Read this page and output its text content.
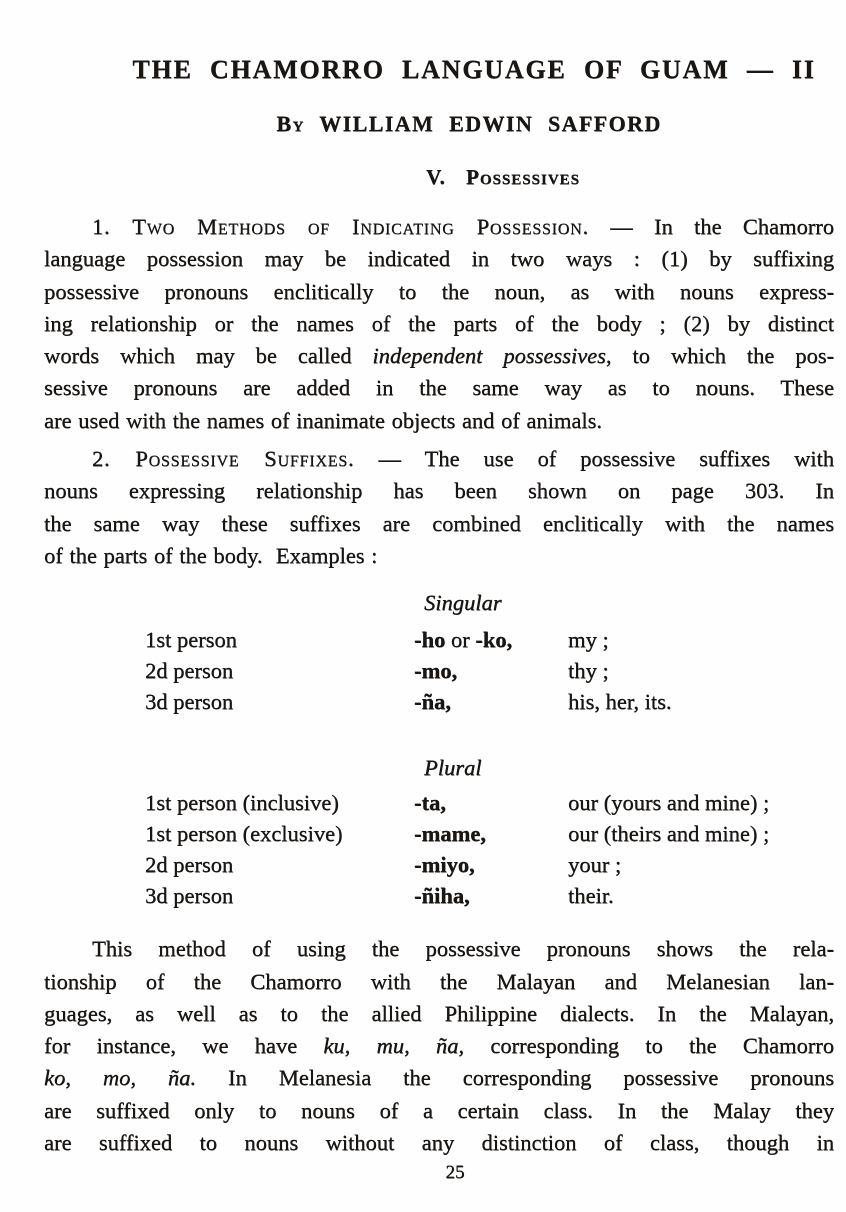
THE CHAMORRO LANGUAGE OF GUAM — II
By WILLIAM EDWIN SAFFORD
V. Possessives
1. Two Methods of Indicating Possession. — In the Chamorro
language possession may be indicated in two ways : (1) by suffixing
possessive pronouns enclitically to the noun, as with nouns express-
ing relationship or the names of the parts of the body ; (2) by distinct
words which may be called independent possessives, to which the pos-
sessive pronouns are added in the same way as to nouns. These
are used with the names of inanimate objects and of animals.
2. Possessive Suffixes. — The use of possessive suffixes with
nouns expressing relationship has been shown on page 303. In
the same way these suffixes are combined enclitically with the names
of the parts of the body.  Examples :
Singular
1st person	-ho or -ko,	my ;
2d person	-mo,	thy ;
3d person	-ña,	his, her, its.
Plural
1st person (inclusive)	-ta,	our (yours and mine) ;
1st person (exclusive)	-mame,	our (theirs and mine) ;
2d person	-miyo,	your ;
3d person	-ñiha,	their.
This method of using the possessive pronouns shows the rela-
tionship of the Chamorro with the Malayan and Melanesian lan-
guages, as well as to the allied Philippine dialects. In the Malayan,
for instance, we have ku, mu, ña, corresponding to the Chamorro
ko, mo, ña. In Melanesia the corresponding possessive pronouns
are suffixed only to nouns of a certain class. In the Malay they
are suffixed to nouns without any distinction of class, though in
25
